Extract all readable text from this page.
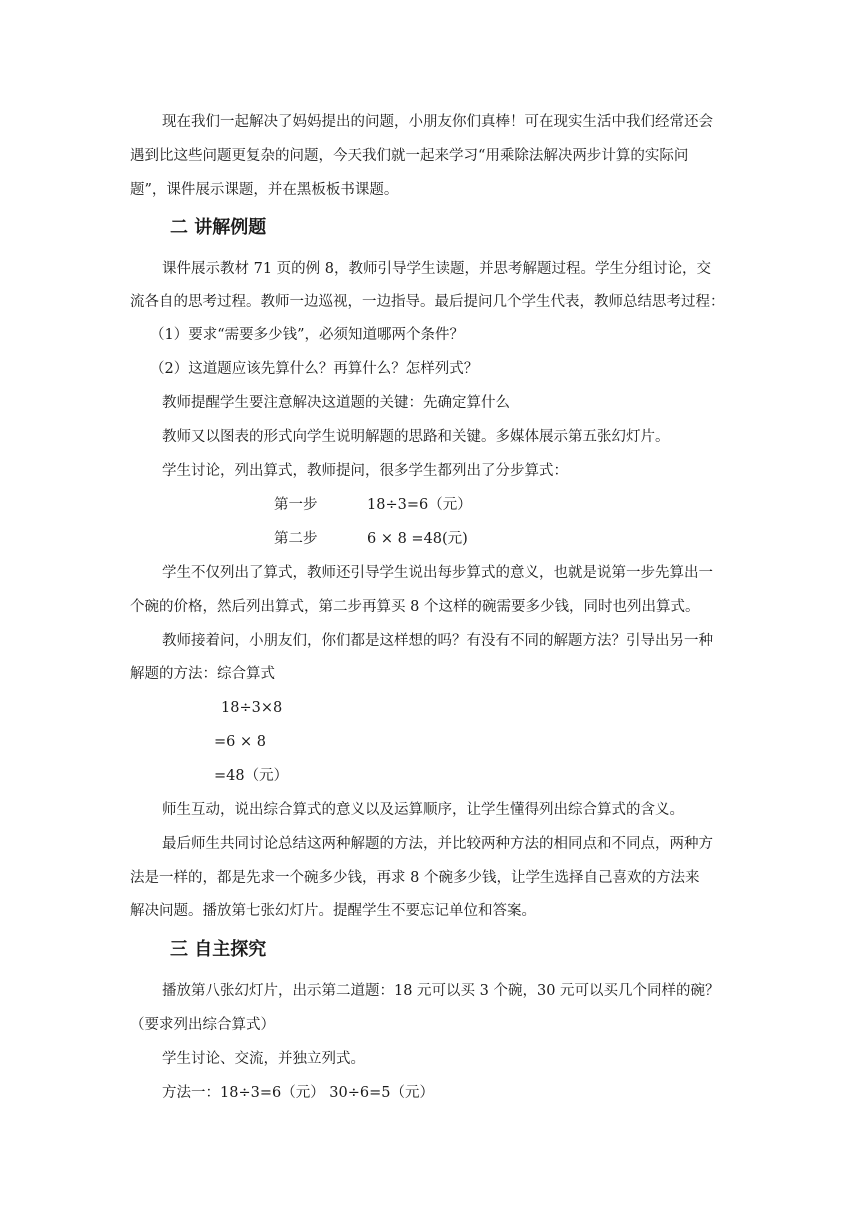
现在我们一起解决了妈妈提出的问题，小朋友你们真棒！可在现实生活中我们经常还会
遇到比这些问题更复杂的问题，今天我们就一起来学习“用乘除法解决两步计算的实际问
题”，课件展示课题，并在黑板板书课题。
二 讲解例题
课件展示教材 71 页的例 8，教师引导学生读题，并思考解题过程。学生分组讨论，交
流各自的思考过程。教师一边巡视，一边指导。最后提问几个学生代表，教师总结思考过程：
（1）要求“需要多少钱”，必须知道哪两个条件？
（2）这道题应该先算什么？再算什么？怎样列式？
教师提醒学生要注意解决这道题的关键：先确定算什么
教师又以图表的形式向学生说明解题的思路和关键。多媒体展示第五张幻灯片。
学生讨论，列出算式，教师提问，很多学生都列出了分步算式：
第一步	18÷3=6（元）
第二步	6 × 8 =48(元)
学生不仅列出了算式，教师还引导学生说出每步算式的意义，也就是说第一步先算出一
个碗的价格，然后列出算式，第二步再算买 8 个这样的碗需要多少钱，同时也列出算式。
教师接着问，小朋友们，你们都是这样想的吗？有没有不同的解题方法？引导出另一种
解题的方法：综合算式
18÷3×8
=6 × 8
=48（元）
师生互动，说出综合算式的意义以及运算顺序，让学生懂得列出综合算式的含义。
最后师生共同讨论总结这两种解题的方法，并比较两种方法的相同点和不同点，两种方
法是一样的，都是先求一个碗多少钱，再求 8 个碗多少钱，让学生选择自己喜欢的方法来
解决问题。播放第七张幻灯片。提醒学生不要忘记单位和答案。
三 自主探究
播放第八张幻灯片，出示第二道题：18 元可以买 3 个碗，30 元可以买几个同样的碗？
（要求列出综合算式）
学生讨论、交流，并独立列式。
方法一：18÷3=6（元） 30÷6=5（元）
